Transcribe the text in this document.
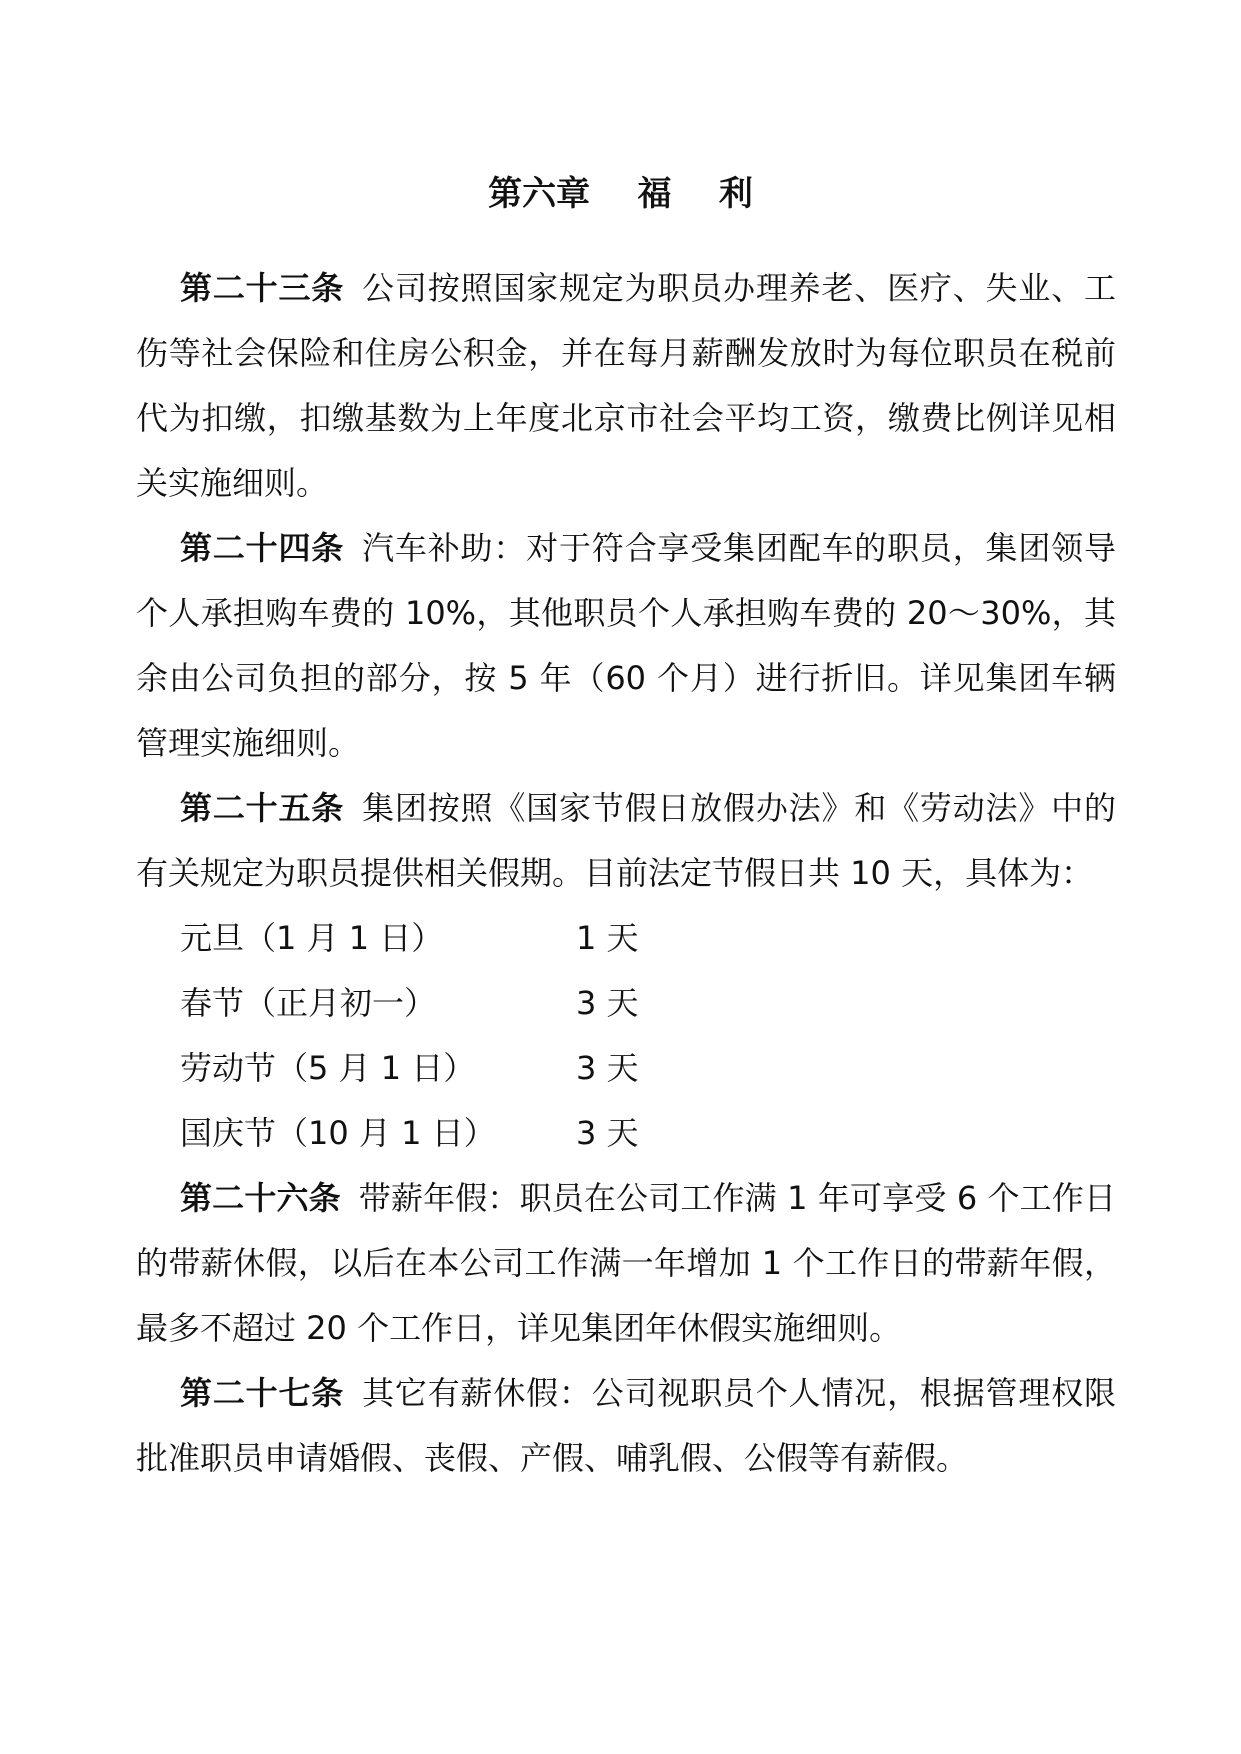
第六章    福    利

第二十三条 公司按照国家规定为职员办理养老、医疗、失业、工伤等社会保险和住房公积金，并在每月薪酬发放时为每位职员在税前代为扣缴，扣缴基数为上年度北京市社会平均工资，缴费比例详见相关实施细则。

第二十四条 汽车补助：对于符合享受集团配车的职员，集团领导个人承担购车费的 10%，其他职员个人承担购车费的 20～30%，其余由公司负担的部分，按 5 年（60 个月）进行折旧。详见集团车辆管理实施细则。

第二十五条 集团按照《国家节假日放假办法》和《劳动法》中的有关规定为职员提供相关假期。目前法定节假日共 10 天，具体为：

元旦（1 月 1 日）	1 天
春节（正月初一）	3 天
劳动节（5 月 1 日）	3 天
国庆节（10 月 1 日）	3 天

第二十六条 带薪年假：职员在公司工作满 1 年可享受 6 个工作日的带薪休假，以后在本公司工作满一年增加 1 个工作日的带薪年假，最多不超过 20 个工作日，详见集团年休假实施细则。

第二十七条 其它有薪休假：公司视职员个人情况，根据管理权限批准职员申请婚假、丧假、产假、哺乳假、公假等有薪假。
